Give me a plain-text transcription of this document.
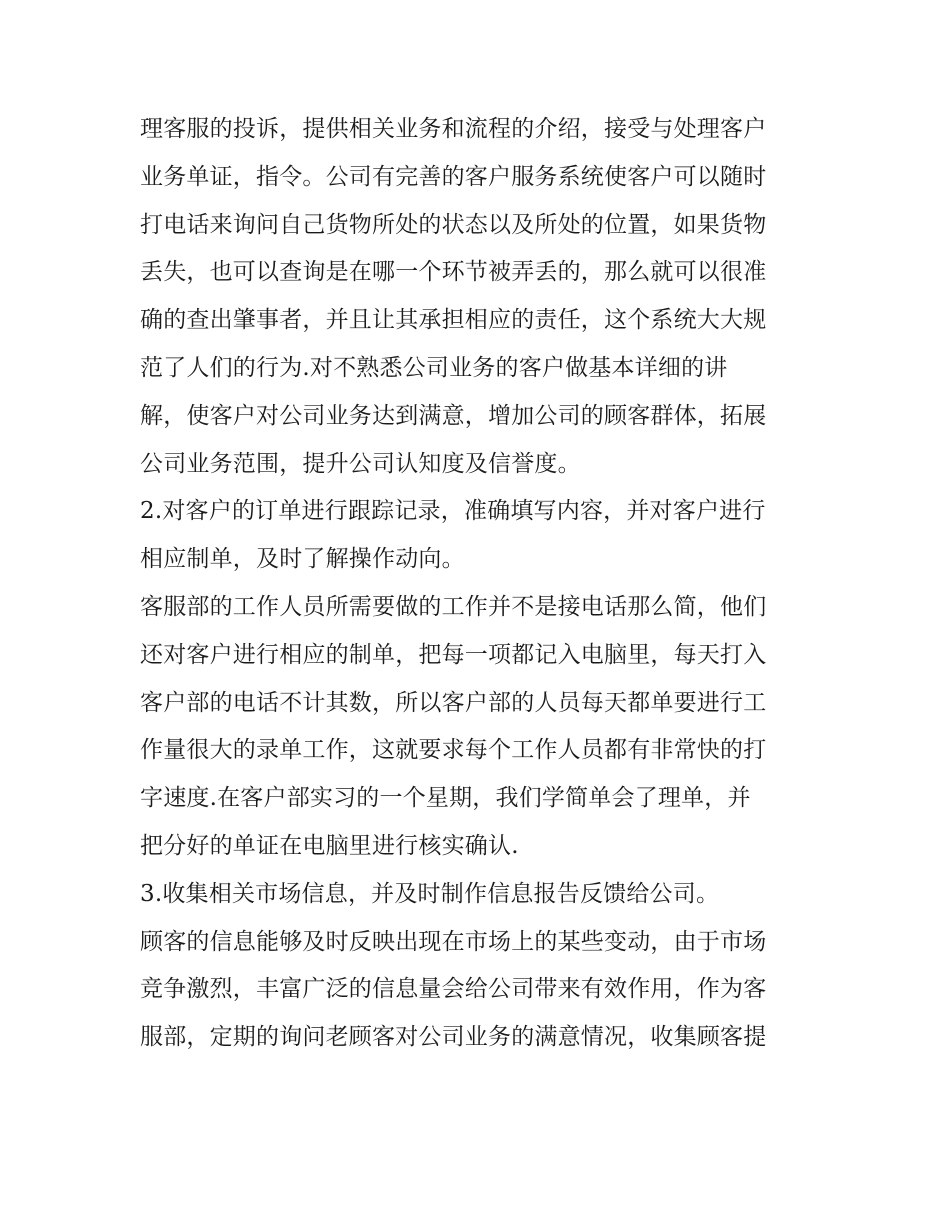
理客服的投诉，提供相关业务和流程的介绍，接受与处理客户
业务单证，指令。公司有完善的客户服务系统使客户可以随时
打电话来询问自己货物所处的状态以及所处的位置，如果货物
丢失，也可以查询是在哪一个环节被弄丢的，那么就可以很准
确的查出肇事者，并且让其承担相应的责任，这个系统大大规
范了人们的行为.对不熟悉公司业务的客户做基本详细的讲
解，使客户对公司业务达到满意，增加公司的顾客群体，拓展
公司业务范围，提升公司认知度及信誉度。
2.对客户的订单进行跟踪记录，准确填写内容，并对客户进行
相应制单，及时了解操作动向。
客服部的工作人员所需要做的工作并不是接电话那么简，他们
还对客户进行相应的制单，把每一项都记入电脑里，每天打入
客户部的电话不计其数，所以客户部的人员每天都单要进行工
作量很大的录单工作，这就要求每个工作人员都有非常快的打
字速度.在客户部实习的一个星期，我们学简单会了理单，并
把分好的单证在电脑里进行核实确认.
3.收集相关市场信息，并及时制作信息报告反馈给公司。
顾客的信息能够及时反映出现在市场上的某些变动，由于市场
竞争激烈，丰富广泛的信息量会给公司带来有效作用，作为客
服部，定期的询问老顾客对公司业务的满意情况，收集顾客提
